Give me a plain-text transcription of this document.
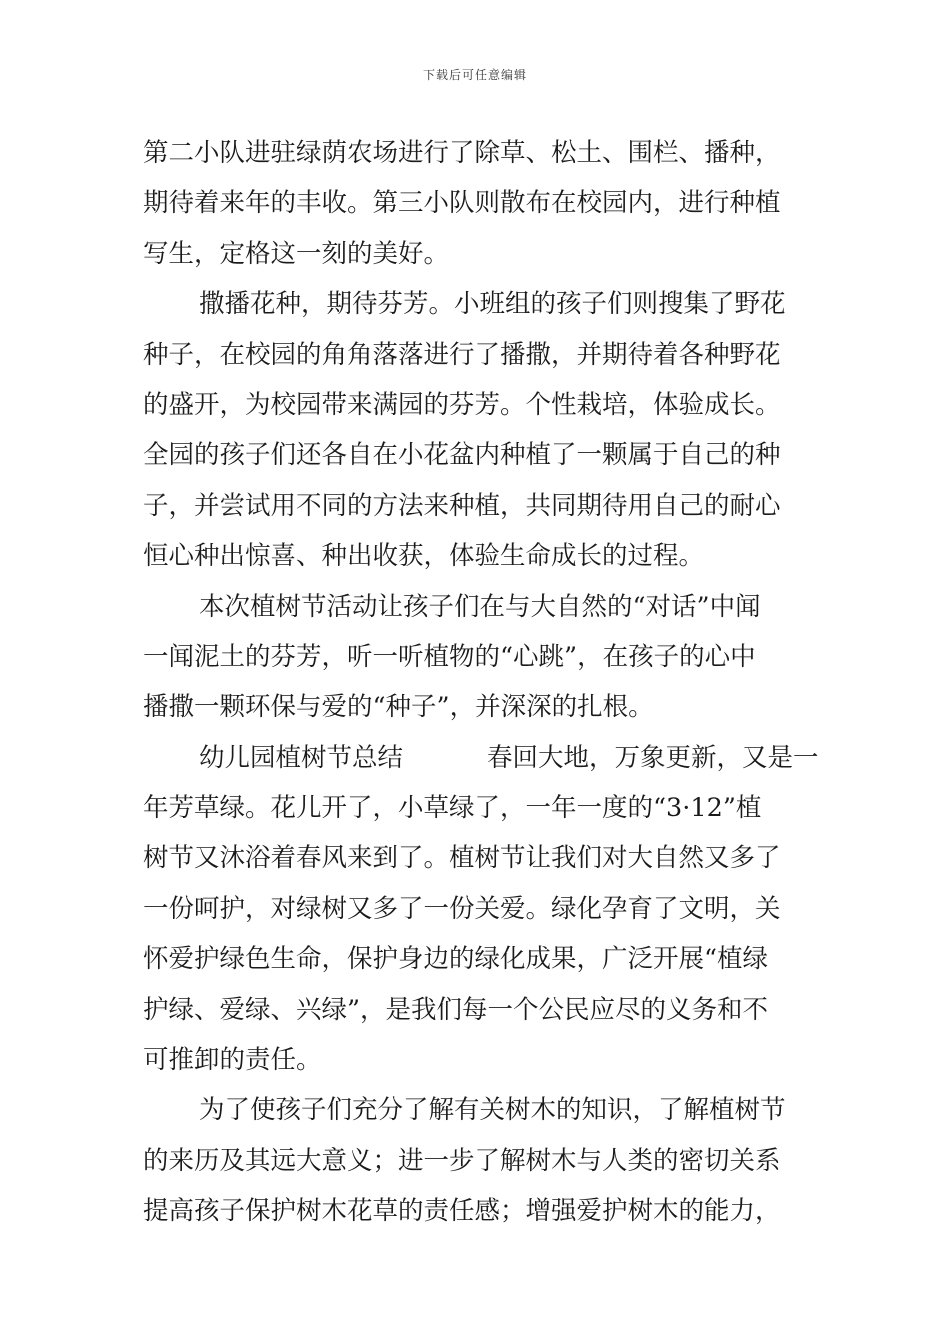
下载后可任意编辑
第二小队进驻绿荫农场进行了除草、松土、围栏、播种，
期待着来年的丰收。第三小队则散布在校园内，进行种植
写生，定格这一刻的美好。
撒播花种，期待芬芳。小班组的孩子们则搜集了野花
种子，在校园的角角落落进行了播撒，并期待着各种野花
的盛开，为校园带来满园的芬芳。个性栽培，体验成长。
全园的孩子们还各自在小花盆内种植了一颗属于自己的种
子，并尝试用不同的方法来种植，共同期待用自己的耐心
恒心种出惊喜、种出收获，体验生命成长的过程。
本次植树节活动让孩子们在与大自然的“对话”中闻
一闻泥土的芬芳，听一听植物的“心跳”，在孩子的心中
播撒一颗环保与爱的“种子”，并深深的扎根。
幼儿园植树节总结	春回大地，万象更新，又是一
年芳草绿。花儿开了，小草绿了，一年一度的“3·12”植
树节又沐浴着春风来到了。植树节让我们对大自然又多了
一份呵护，对绿树又多了一份关爱。绿化孕育了文明，关
怀爱护绿色生命，保护身边的绿化成果，广泛开展“植绿
护绿、爱绿、兴绿”，是我们每一个公民应尽的义务和不
可推卸的责任。
为了使孩子们充分了解有关树木的知识，了解植树节
的来历及其远大意义；进一步了解树木与人类的密切关系
提高孩子保护树木花草的责任感；增强爱护树木的能力，
